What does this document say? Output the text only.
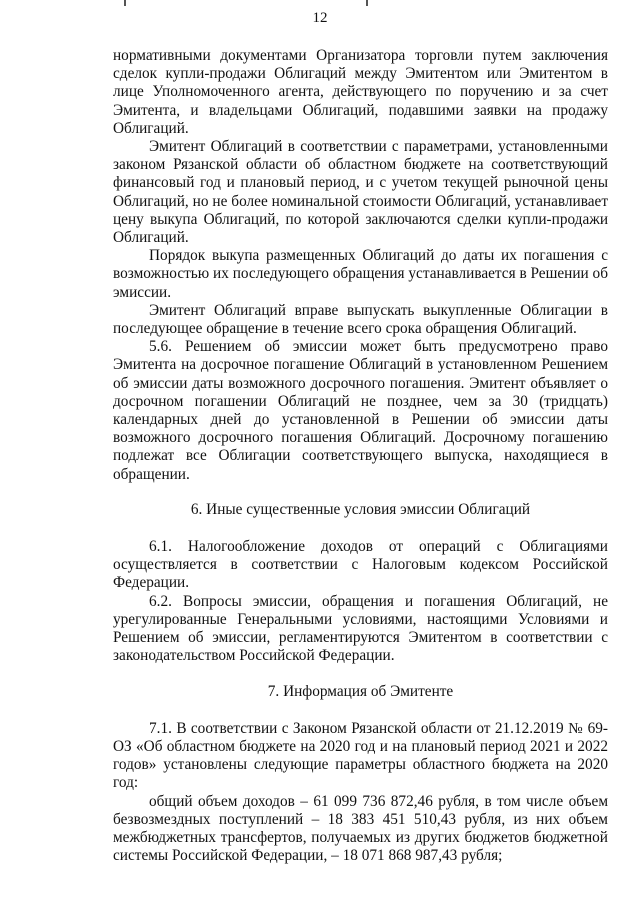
12

нормативными документами Организатора торговли путем заключения сделок купли-продажи Облигаций между Эмитентом или Эмитентом в лице Уполномоченного агента, действующего по поручению и за счет Эмитента, и владельцами Облигаций, подавшими заявки на продажу Облигаций.

Эмитент Облигаций в соответствии с параметрами, установленными законом Рязанской области об областном бюджете на соответствующий финансовый год и плановый период, и с учетом текущей рыночной цены Облигаций, но не более номинальной стоимости Облигаций, устанавливает цену выкупа Облигаций, по которой заключаются сделки купли-продажи Облигаций.

Порядок выкупа размещенных Облигаций до даты их погашения с возможностью их последующего обращения устанавливается в Решении об эмиссии.

Эмитент Облигаций вправе выпускать выкупленные Облигации в последующее обращение в течение всего срока обращения Облигаций.

5.6. Решением об эмиссии может быть предусмотрено право Эмитента на досрочное погашение Облигаций в установленном Решением об эмиссии даты возможного досрочного погашения. Эмитент объявляет о досрочном погашении Облигаций не позднее, чем за 30 (тридцать) календарных дней до установленной в Решении об эмиссии даты возможного досрочного погашения Облигаций. Досрочному погашению подлежат все Облигации соответствующего выпуска, находящиеся в обращении.

6. Иные существенные условия эмиссии Облигаций

6.1. Налогообложение доходов от операций с Облигациями осуществляется в соответствии с Налоговым кодексом Российской Федерации.

6.2. Вопросы эмиссии, обращения и погашения Облигаций, не урегулированные Генеральными условиями, настоящими Условиями и Решением об эмиссии, регламентируются Эмитентом в соответствии с законодательством Российской Федерации.

7. Информация об Эмитенте

7.1. В соответствии с Законом Рязанской области от 21.12.2019 № 69-ОЗ «Об областном бюджете на 2020 год и на плановый период 2021 и 2022 годов» установлены следующие параметры областного бюджета на 2020 год:

общий объем доходов – 61 099 736 872,46 рубля, в том числе объем безвозмездных поступлений – 18 383 451 510,43 рубля, из них объем межбюджетных трансфертов, получаемых из других бюджетов бюджетной системы Российской Федерации, – 18 071 868 987,43 рубля;
